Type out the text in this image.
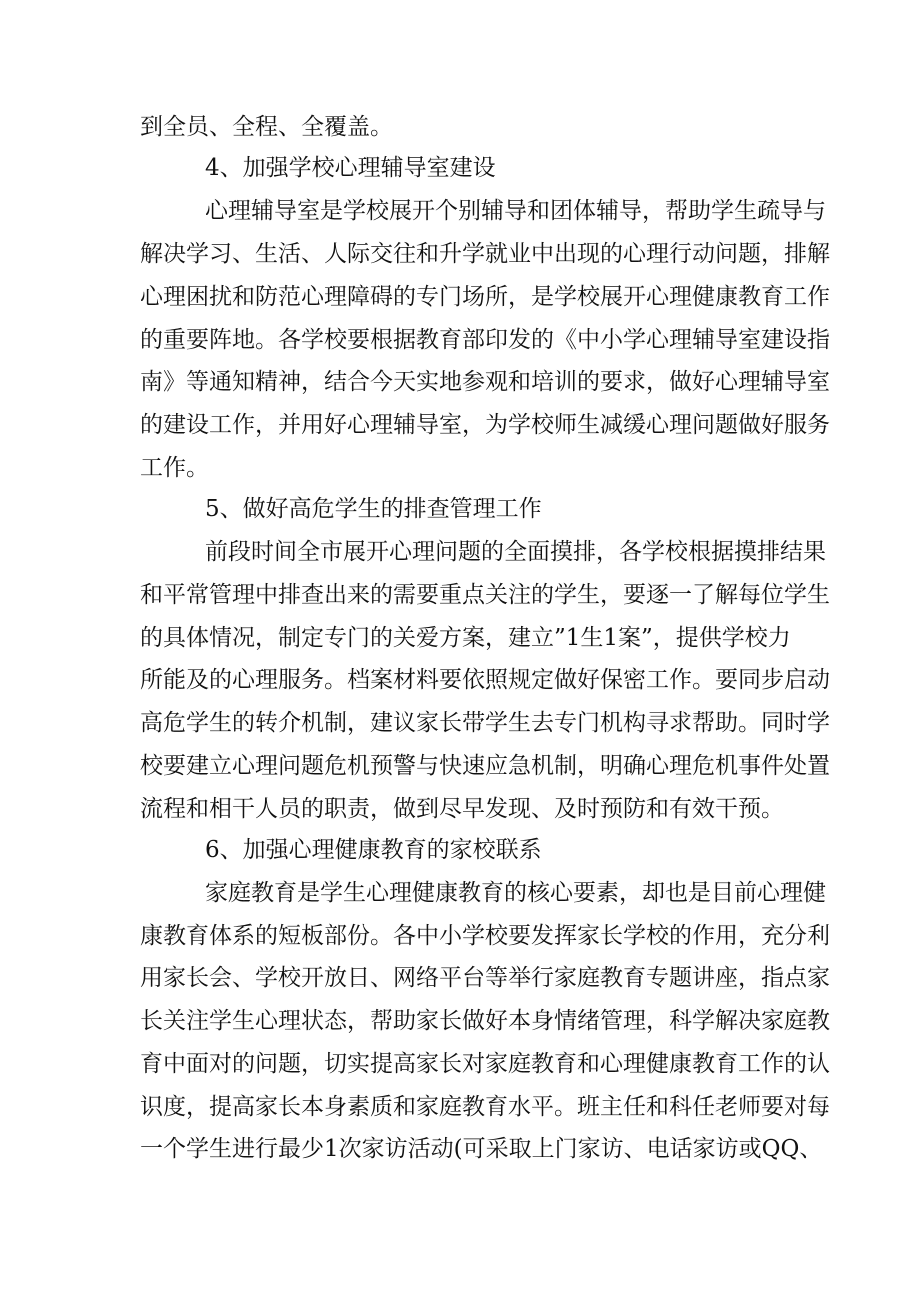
到全员、全程、全覆盖。
4、加强学校心理辅导室建设
心理辅导室是学校展开个别辅导和团体辅导，帮助学生疏导与
解决学习、生活、人际交往和升学就业中出现的心理行动问题，排解
心理困扰和防范心理障碍的专门场所，是学校展开心理健康教育工作
的重要阵地。各学校要根据教育部印发的《中小学心理辅导室建设指
南》等通知精神，结合今天实地参观和培训的要求，做好心理辅导室
的建设工作，并用好心理辅导室，为学校师生减缓心理问题做好服务
工作。
5、做好高危学生的排查管理工作
前段时间全市展开心理问题的全面摸排，各学校根据摸排结果
和平常管理中排查出来的需要重点关注的学生，要逐一了解每位学生
的具体情况，制定专门的关爱方案，建立”1生1案”，提供学校力
所能及的心理服务。档案材料要依照规定做好保密工作。要同步启动
高危学生的转介机制，建议家长带学生去专门机构寻求帮助。同时学
校要建立心理问题危机预警与快速应急机制，明确心理危机事件处置
流程和相干人员的职责，做到尽早发现、及时预防和有效干预。
6、加强心理健康教育的家校联系
家庭教育是学生心理健康教育的核心要素，却也是目前心理健
康教育体系的短板部份。各中小学校要发挥家长学校的作用，充分利
用家长会、学校开放日、网络平台等举行家庭教育专题讲座，指点家
长关注学生心理状态，帮助家长做好本身情绪管理，科学解决家庭教
育中面对的问题，切实提高家长对家庭教育和心理健康教育工作的认
识度，提高家长本身素质和家庭教育水平。班主任和科任老师要对每
一个学生进行最少1次家访活动(可采取上门家访、电话家访或QQ、
